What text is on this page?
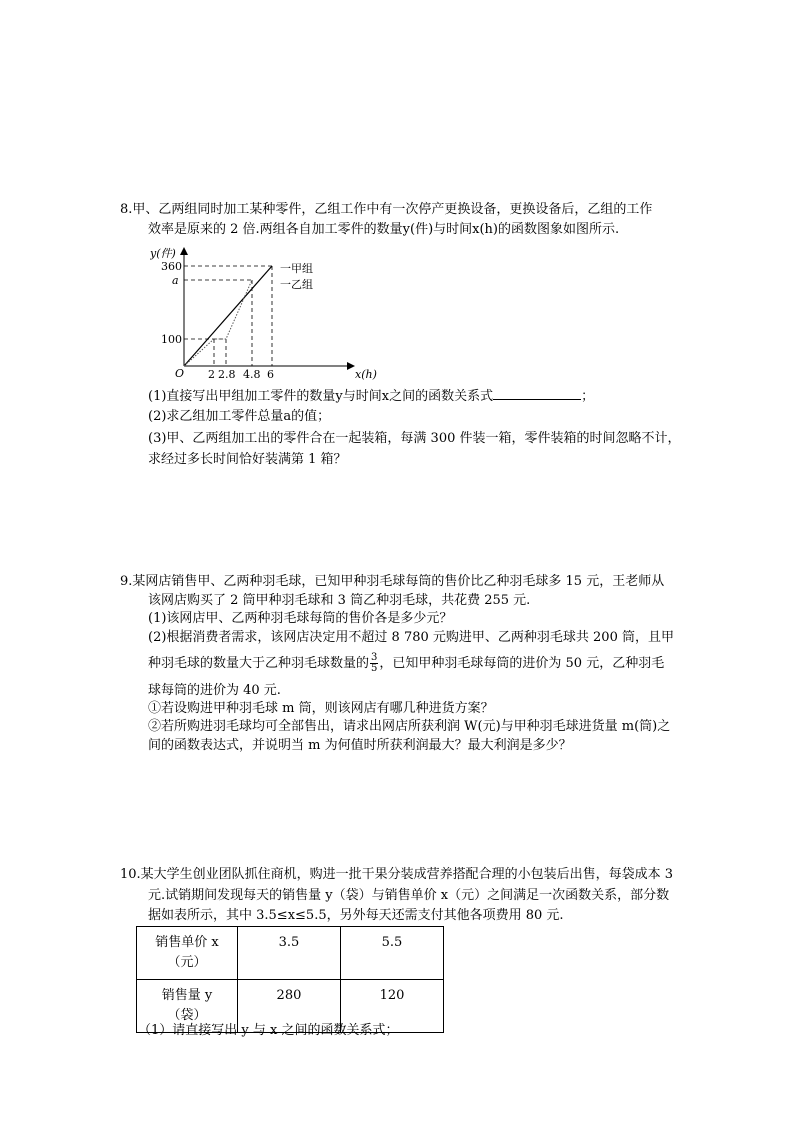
8.甲、乙两组同时加工某种零件，乙组工作中有一次停产更换设备，更换设备后，乙组的工作
效率是原来的 2 倍.两组各自加工零件的数量y(件)与时间x(h)的函数图象如图所示.
y(件)
x(h)
O
360
a
100
2 2.8 4.8 6
一甲组
一乙组
(1)直接写出甲组加工零件的数量y与时间x之间的函数关系式	；
(2)求乙组加工零件总量a的值；
(3)甲、乙两组加工出的零件合在一起装箱，每满 300 件装一箱，零件装箱的时间忽略不计，
求经过多长时间恰好装满第 1 箱？
9.某网店销售甲、乙两种羽毛球，已知甲种羽毛球每筒的售价比乙种羽毛球多 15 元，王老师从
该网店购买了 2 筒甲种羽毛球和 3 筒乙种羽毛球，共花费 255 元.
(1)该网店甲、乙两种羽毛球每筒的售价各是多少元？
(2)根据消费者需求，该网店决定用不超过 8 780 元购进甲、乙两种羽毛球共 200 筒，且甲
种羽毛球的数量大于乙种羽毛球数量的 $\frac{3}{5}$ ，已知甲种羽毛球每筒的进价为 50 元，乙种羽毛
球每筒的进价为 40 元.
①若设购进甲种羽毛球 m 筒，则该网店有哪几种进货方案？
②若所购进羽毛球均可全部售出，请求出网店所获利润 W(元)与甲种羽毛球进货量 m(筒)之
间的函数表达式，并说明当 m 为何值时所获利润最大？最大利润是多少？
10.某大学生创业团队抓住商机，购进一批干果分装成营养搭配合理的小包装后出售，每袋成本 3
元.试销期间发现每天的销售量 y（袋）与销售单价 x（元）之间满足一次函数关系，部分数
据如表所示，其中 3.5≤x≤5.5，另外每天还需支付其他各项费用 80 元.
销售单价 x
（元）	3.5	5.5

销售量 y
（袋）	280	120
（1）请直接写出 y 与 x 之间的函数关系式；
